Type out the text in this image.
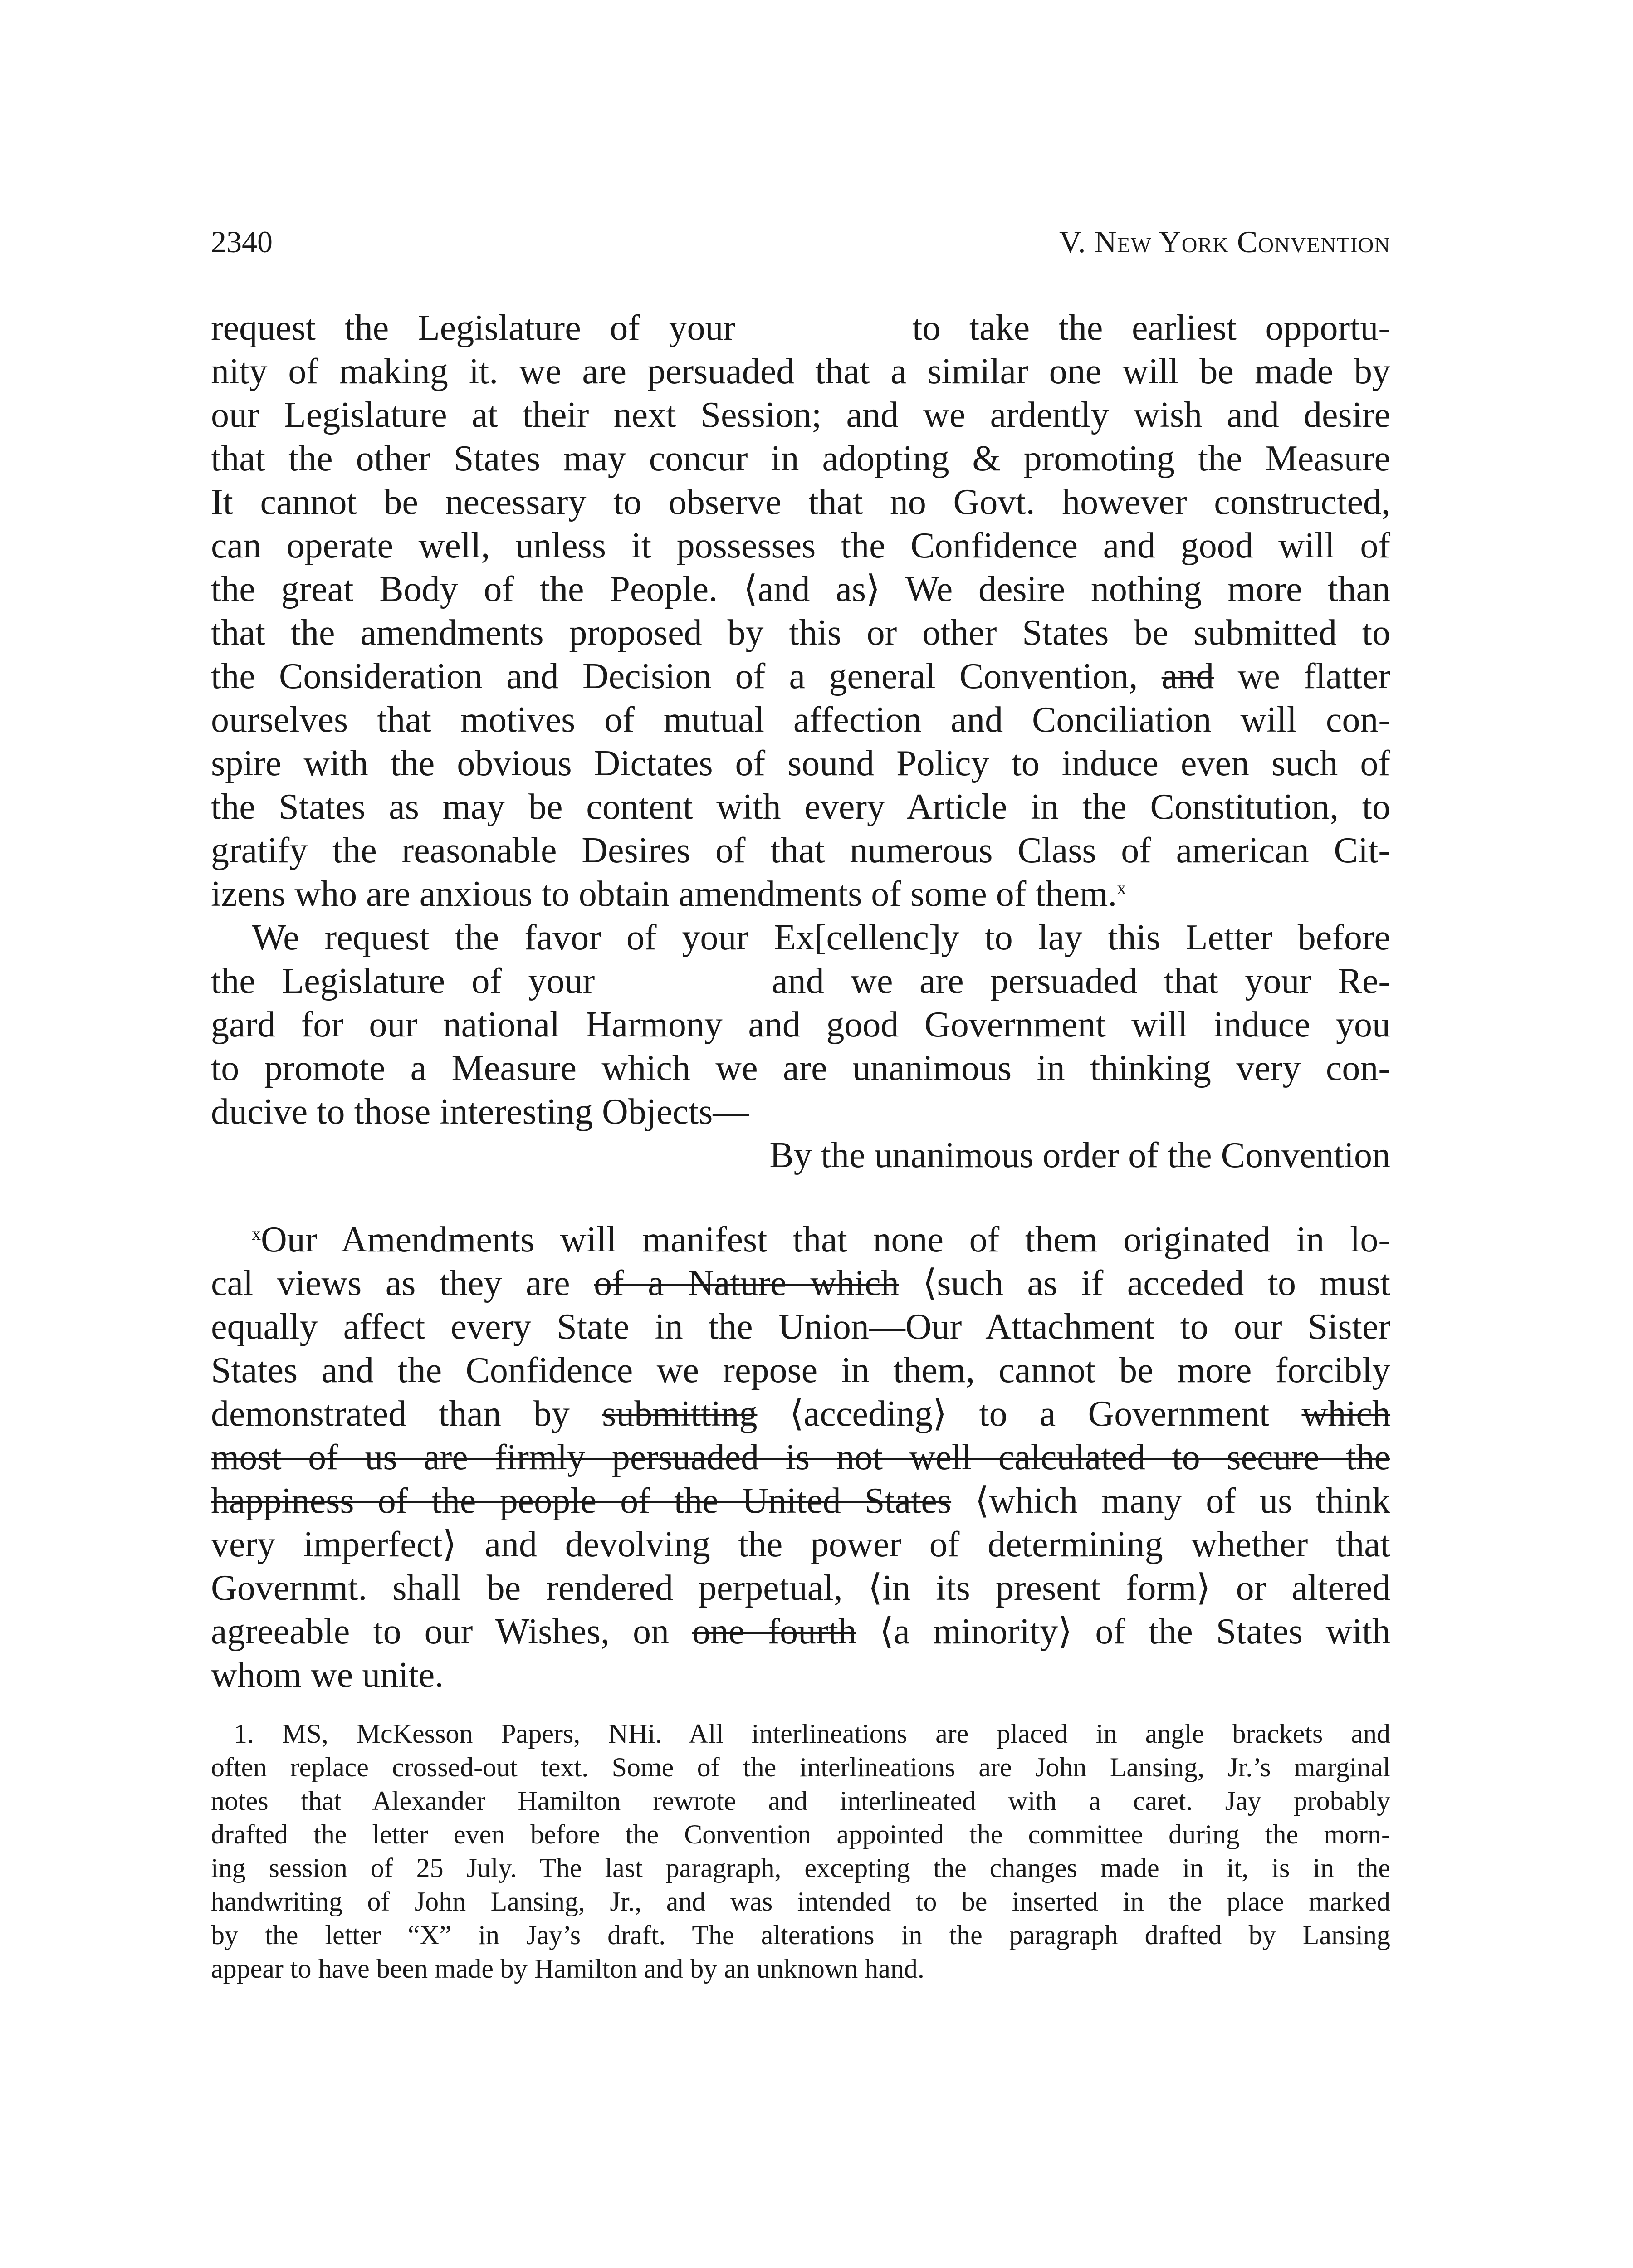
2340	V. New York Convention
request the Legislature of your	to take the earliest opportu-
nity of making it. we are persuaded that a similar one will be made by
our Legislature at their next Session; and we ardently wish and desire
that the other States may concur in adopting & promoting the Measure
It cannot be necessary to observe that no Govt. however constructed,
can operate well, unless it possesses the Confidence and good will of
the great Body of the People. ⟨and as⟩ We desire nothing more than
that the amendments proposed by this or other States be submitted to
the Consideration and Decision of a general Convention, and we flatter
ourselves that motives of mutual affection and Conciliation will con-
spire with the obvious Dictates of sound Policy to induce even such of
the States as may be content with every Article in the Constitution, to
gratify the reasonable Desires of that numerous Class of american Cit-
izens who are anxious to obtain amendments of some of them.$^x$
We request the favor of your Ex[cellenc]y to lay this Letter before
the Legislature of your	and we are persuaded that your Re-
gard for our national Harmony and good Government will induce you
to promote a Measure which we are unanimous in thinking very con-
ducive to those interesting Objects—
By the unanimous order of the Convention
$^x$Our Amendments will manifest that none of them originated in lo-
cal views as they are of a Nature which ⟨such as if acceded to must
equally affect every State in the Union—Our Attachment to our Sister
States and the Confidence we repose in them, cannot be more forcibly
demonstrated than by submitting ⟨acceding⟩ to a Government which
most of us are firmly persuaded is not well calculated to secure the
happiness of the people of the United States ⟨which many of us think
very imperfect⟩ and devolving the power of determining whether that
Governmt. shall be rendered perpetual, ⟨in its present form⟩ or altered
agreeable to our Wishes, on one fourth ⟨a minority⟩ of the States with
whom we unite.
1. MS, McKesson Papers, NHi. All interlineations are placed in angle brackets and
often replace crossed-out text. Some of the interlineations are John Lansing, Jr.’s marginal
notes that Alexander Hamilton rewrote and interlineated with a caret. Jay probably
drafted the letter even before the Convention appointed the committee during the morn-
ing session of 25 July. The last paragraph, excepting the changes made in it, is in the
handwriting of John Lansing, Jr., and was intended to be inserted in the place marked
by the letter “X” in Jay’s draft. The alterations in the paragraph drafted by Lansing
appear to have been made by Hamilton and by an unknown hand.
